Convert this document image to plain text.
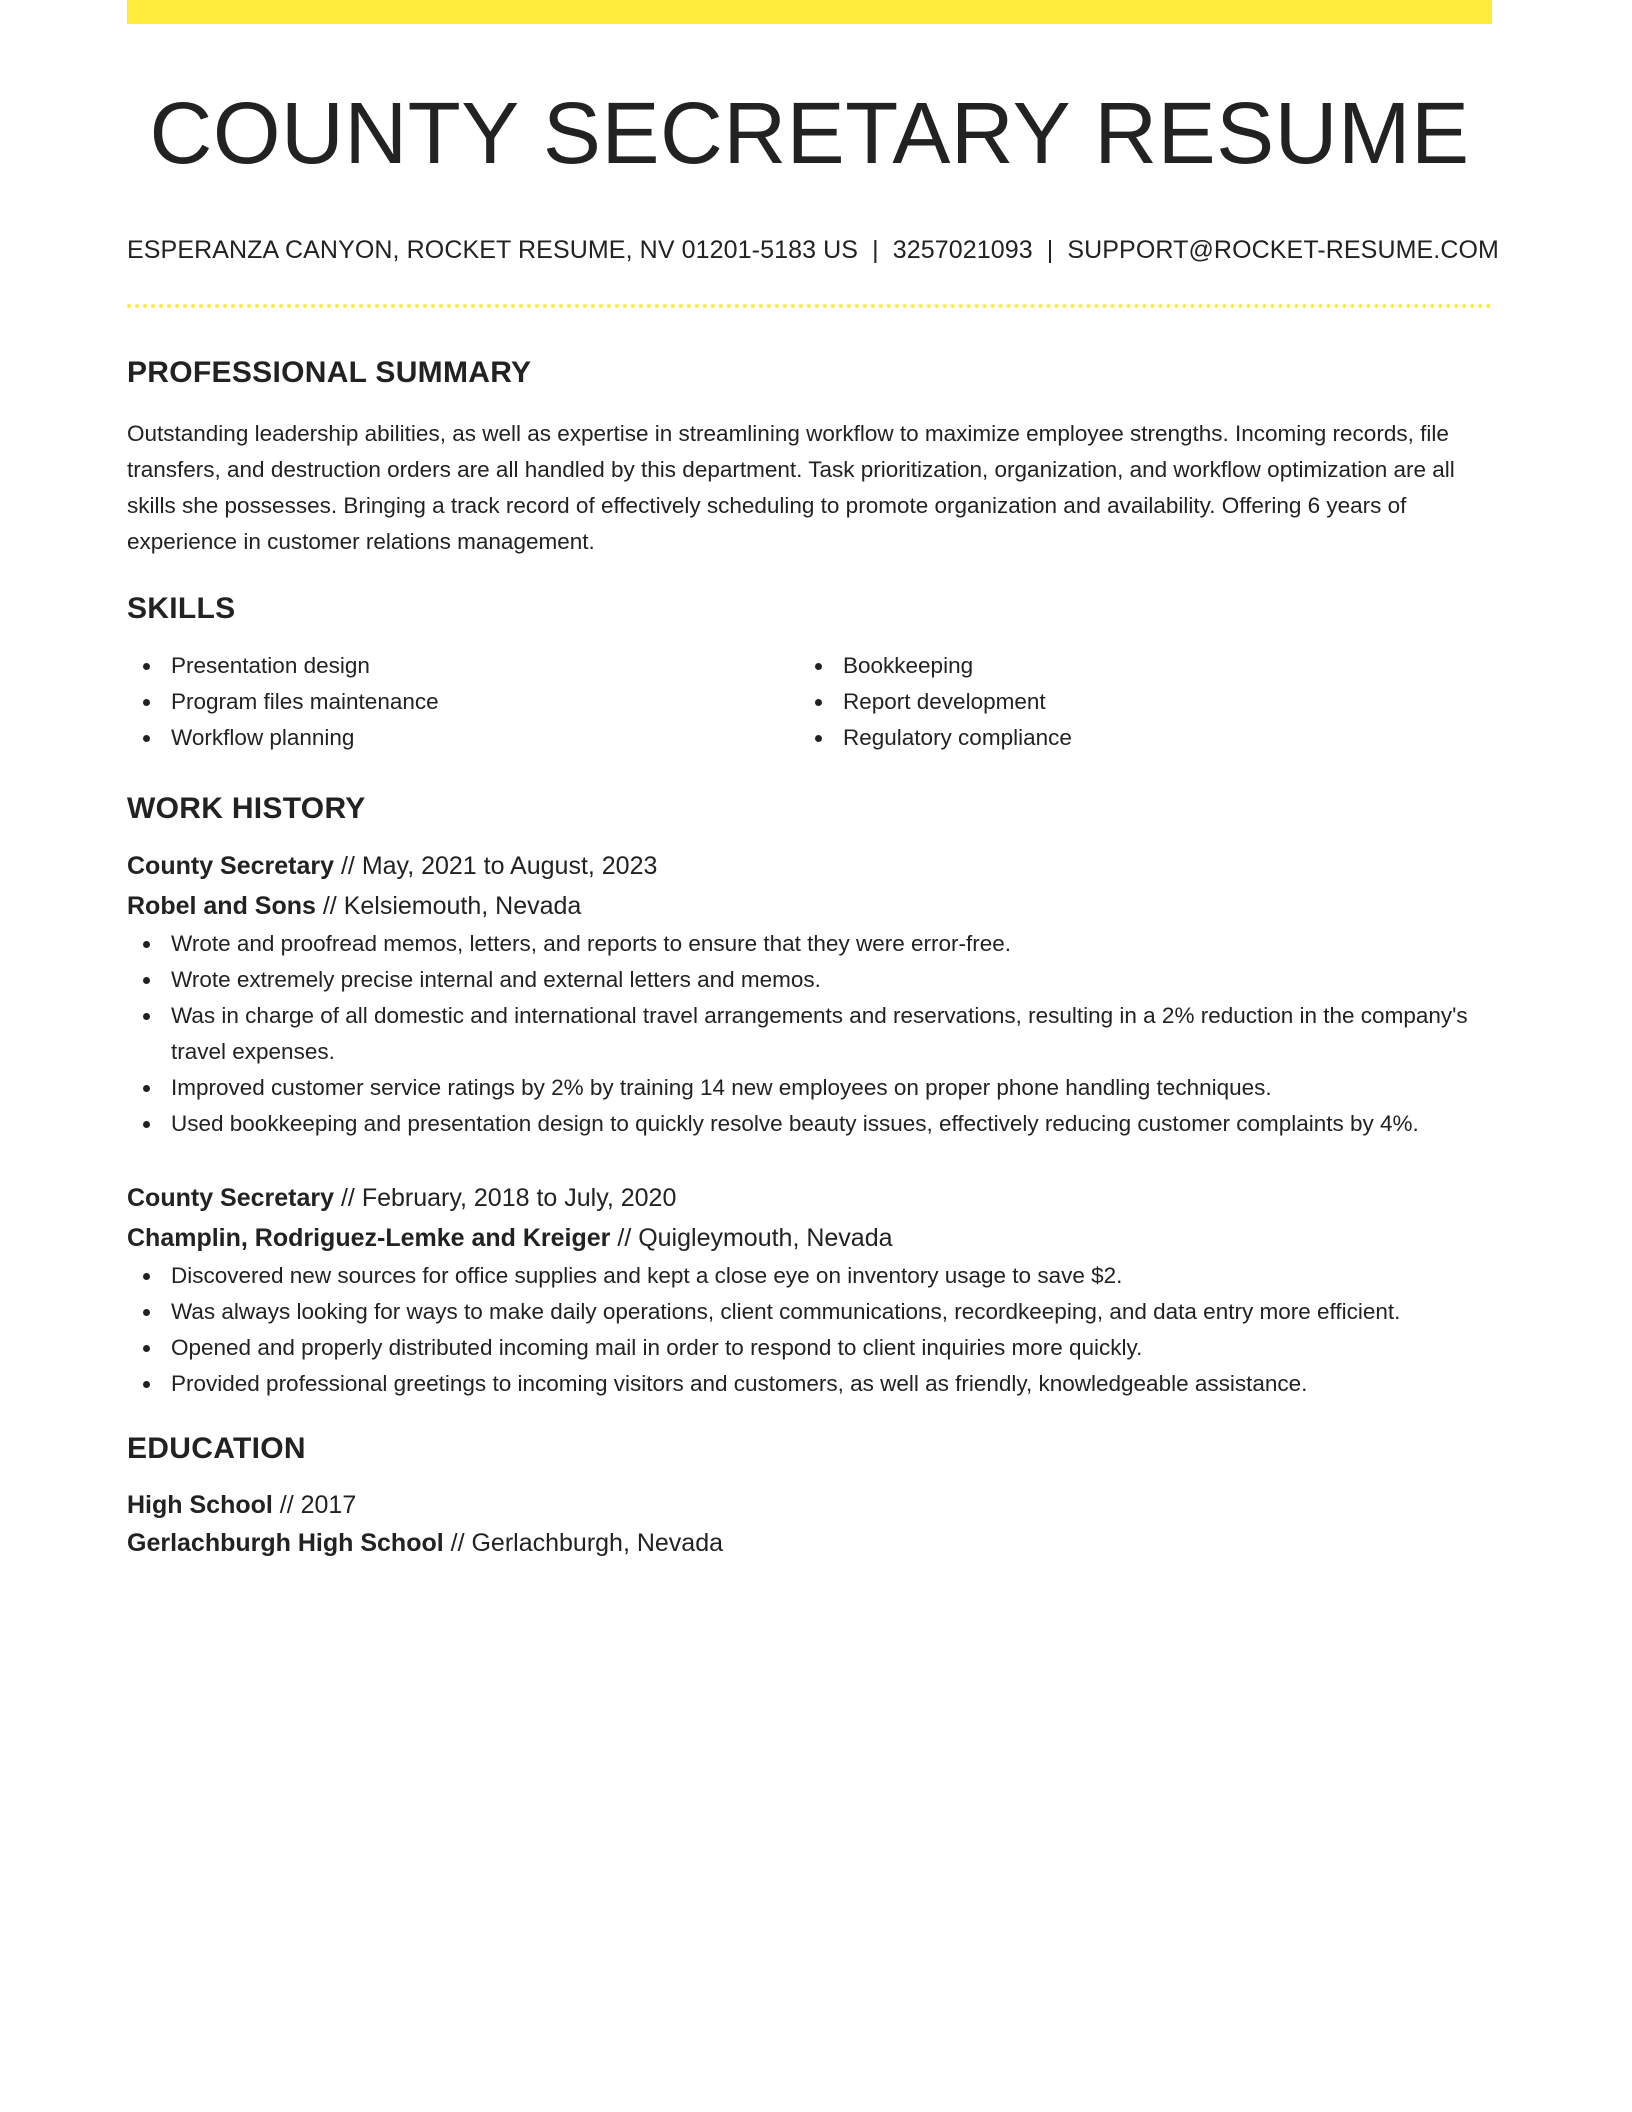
COUNTY SECRETARY RESUME
ESPERANZA CANYON, ROCKET RESUME, NV 01201-5183 US | 3257021093 | SUPPORT@ROCKET-RESUME.COM
PROFESSIONAL SUMMARY

Outstanding leadership abilities, as well as expertise in streamlining workflow to maximize employee strengths. Incoming records, file transfers, and destruction orders are all handled by this department. Task prioritization, organization, and workflow optimization are all skills she possesses. Bringing a track record of effectively scheduling to promote organization and availability. Offering 6 years of experience in customer relations management.

SKILLS
Presentation design
Program files maintenance
Workflow planning
Bookkeeping
Report development
Regulatory compliance
WORK HISTORY
County Secretary // May, 2021 to August, 2023
Robel and Sons // Kelsiemouth, Nevada
Wrote and proofread memos, letters, and reports to ensure that they were error-free.
Wrote extremely precise internal and external letters and memos.
Was in charge of all domestic and international travel arrangements and reservations, resulting in a 2% reduction in the company's travel expenses.
Improved customer service ratings by 2% by training 14 new employees on proper phone handling techniques.
Used bookkeeping and presentation design to quickly resolve beauty issues, effectively reducing customer complaints by 4%.
County Secretary // February, 2018 to July, 2020
Champlin, Rodriguez-Lemke and Kreiger // Quigleymouth, Nevada
Discovered new sources for office supplies and kept a close eye on inventory usage to save $2.
Was always looking for ways to make daily operations, client communications, recordkeeping, and data entry more efficient.
Opened and properly distributed incoming mail in order to respond to client inquiries more quickly.
Provided professional greetings to incoming visitors and customers, as well as friendly, knowledgeable assistance.
EDUCATION
High School // 2017
Gerlachburgh High School // Gerlachburgh, Nevada
